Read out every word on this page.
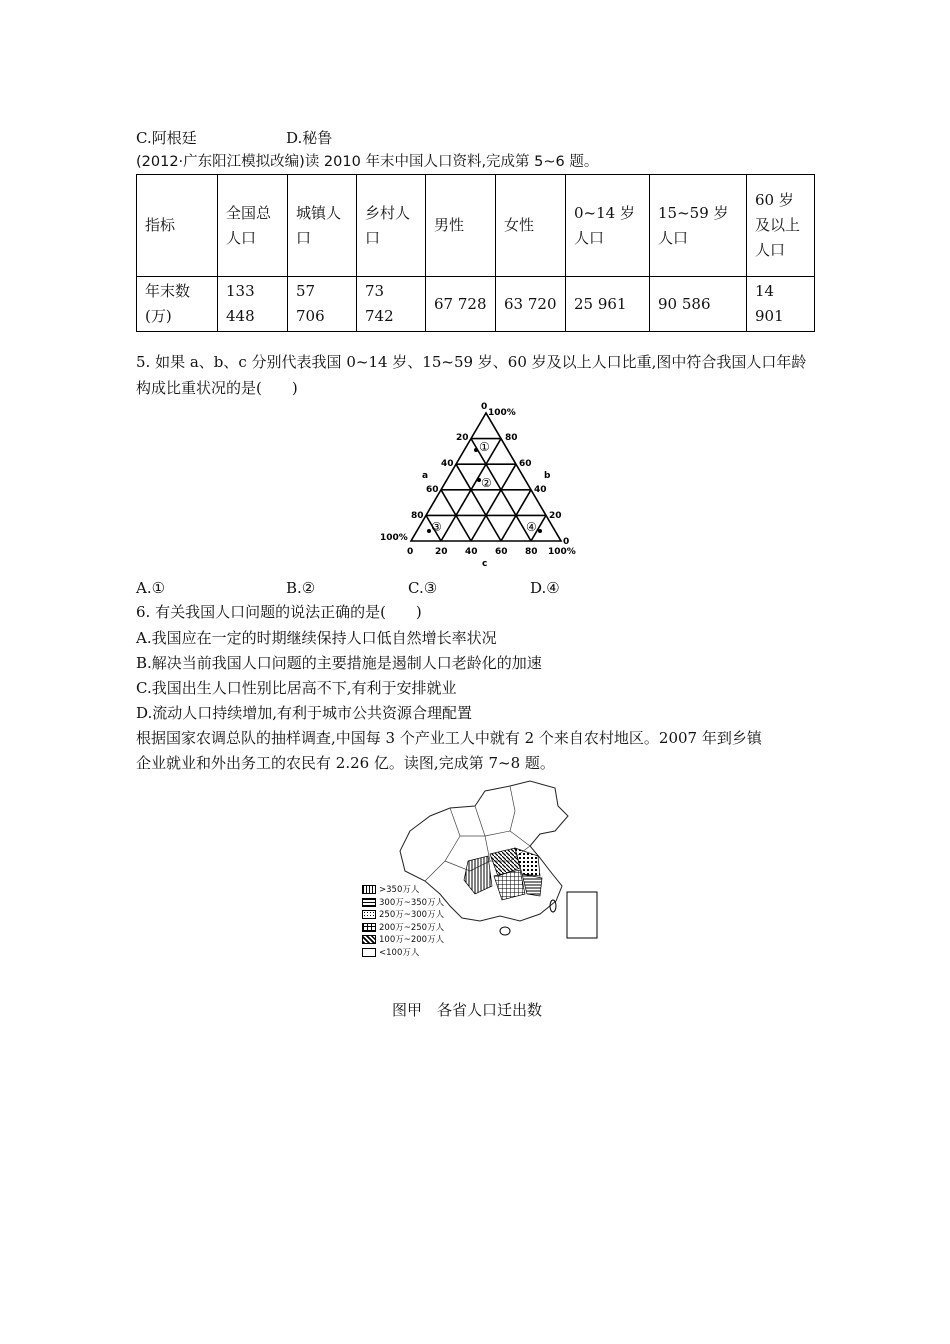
C.阿根廷	D.秘鲁
(2012·广东阳江模拟改编)读 2010 年末中国人口资料,完成第 5~6 题。
指标	全国总人口	城镇人口	乡村人口	男性	女性	0~14 岁人口	15~59 岁人口	60 岁及以上人口
年末数(万)	133 448	57 706	73 742	67 728	63 720	25 961	90 586	14 901
5. 如果 a、b、c 分别代表我国 0~14 岁、15~59 岁、60 岁及以上人口比重,图中符合我国人口年龄
构成比重状况的是(　　)
0
100%
20
40
60
80
100%
80
60
40
20
0
0 20 40 60 80 100%
a	b
c
①
②
③	④
A.①	B.②	C.③	D.④
6. 有关我国人口问题的说法正确的是(　　)
A.我国应在一定的时期继续保持人口低自然增长率状况
B.解决当前我国人口问题的主要措施是遏制人口老龄化的加速
C.我国出生人口性别比居高不下,有利于安排就业
D.流动人口持续增加,有利于城市公共资源合理配置
根据国家农调总队的抽样调查,中国每 3 个产业工人中就有 2 个来自农村地区。2007 年到乡镇
企业就业和外出务工的农民有 2.26 亿。读图,完成第 7~8 题。
>350万人
300万~350万人
250万~300万人
200万~250万人
100万~200万人
<100万人
图甲　各省人口迁出数
